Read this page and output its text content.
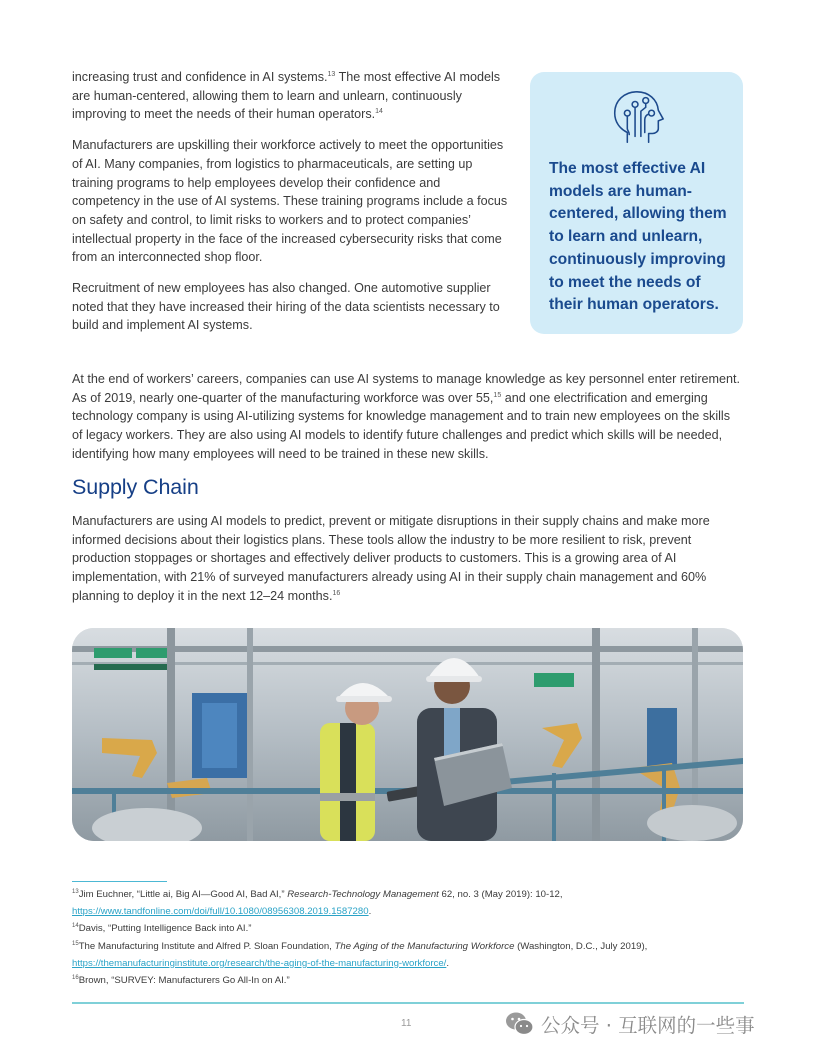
increasing trust and confidence in AI systems.$^{13}$ The most effective AI models are human-centered, allowing them to learn and unlearn, continuously improving to meet the needs of their human operators.$^{14}$

Manufacturers are upskilling their workforce actively to meet the opportunities of AI. Many companies, from logistics to pharmaceuticals, are setting up training programs to help employees develop their confidence and competency in the use of AI systems. These training programs include a focus on safety and control, to limit risks to workers and to protect companies’ intellectual property in the face of the increased cybersecurity risks that come from an interconnected shop floor.

Recruitment of new employees has also changed. One automotive supplier noted that they have increased their hiring of the data scientists necessary to build and implement AI systems.

The most effective AI models are human-centered, allowing them to learn and unlearn, continuously improving to meet the needs of their human operators.

At the end of workers’ careers, companies can use AI systems to manage knowledge as key personnel enter retirement. As of 2019, nearly one-quarter of the manufacturing workforce was over 55,15 and one electrification and emerging technology company is using AI-utilizing systems for knowledge management and to train new employees on the skills of legacy workers. They are also using AI models to identify future challenges and predict which skills will be needed, identifying how many employees will need to be trained in these new skills.

Supply Chain

Manufacturers are using AI models to predict, prevent or mitigate disruptions in their supply chains and make more informed decisions about their logistics plans. These tools allow the industry to be more resilient to risk, prevent production stoppages or shortages and effectively deliver products to customers. This is a growing area of AI implementation, with 21% of surveyed manufacturers already using AI in their supply chain management and 60% planning to deploy it in the next 12–24 months.$^{16}$

$^{13}$Jim Euchner, “Little ai, Big AI—Good AI, Bad AI,” Research-Technology Management 62, no. 3 (May 2019): 10-12,
https://www.tandfonline.com/doi/full/10.1080/08956308.2019.1587280.
$^{14}$Davis, “Putting Intelligence Back into AI.”
$^{15}$The Manufacturing Institute and Alfred P. Sloan Foundation, The Aging of the Manufacturing Workforce (Washington, D.C., July 2019),
https://themanufacturinginstitute.org/research/the-aging-of-the-manufacturing-workforce/.
$^{16}$Brown, “SURVEY: Manufacturers Go All-In on AI.”
11	公众号 · 互联网的一些事
